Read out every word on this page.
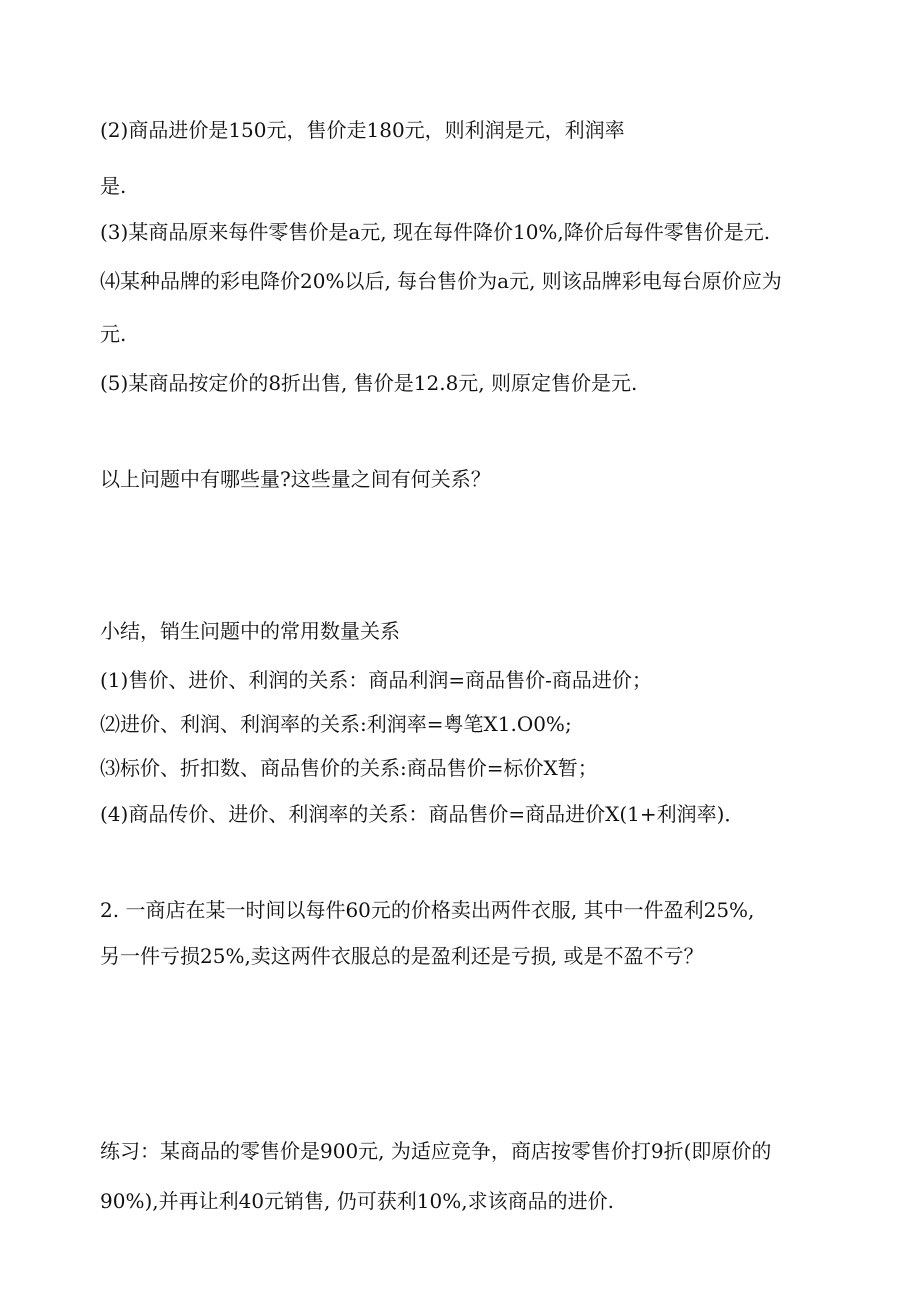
(2)商品进价是150元，售价走180元，则利润是元，利润率
是.
(3)某商品原来每件零售价是a元, 现在每件降价10%,降价后每件零售价是元.
⑷某种品牌的彩电降价20%以后, 每台售价为a元, 则该品牌彩电每台原价应为
元.
(5)某商品按定价的8折出售, 售价是12.8元, 则原定售价是元.
以上问题中有哪些量?这些量之间有何关系？
小结，销生问题中的常用数量关系
(1)售价、进价、利润的关系：商品利润=商品售价-商品进价；
⑵进价、利润、利润率的关系:利润率=粤笔X1.O0%;
⑶标价、折扣数、商品售价的关系:商品售价=标价X暂；
(4)商品传价、进价、利润率的关系：商品售价=商品进价X(1+利润率)．
2. 一商店在某一时间以每件60元的价格卖出两件衣服, 其中一件盈利25%,
另一件亏损25%,卖这两件衣服总的是盈利还是亏损, 或是不盈不亏？
练习：某商品的零售价是900元, 为适应竞争，商店按零售价打9折(即原价的
90%),并再让利40元销售, 仍可获利10%,求该商品的进价.
